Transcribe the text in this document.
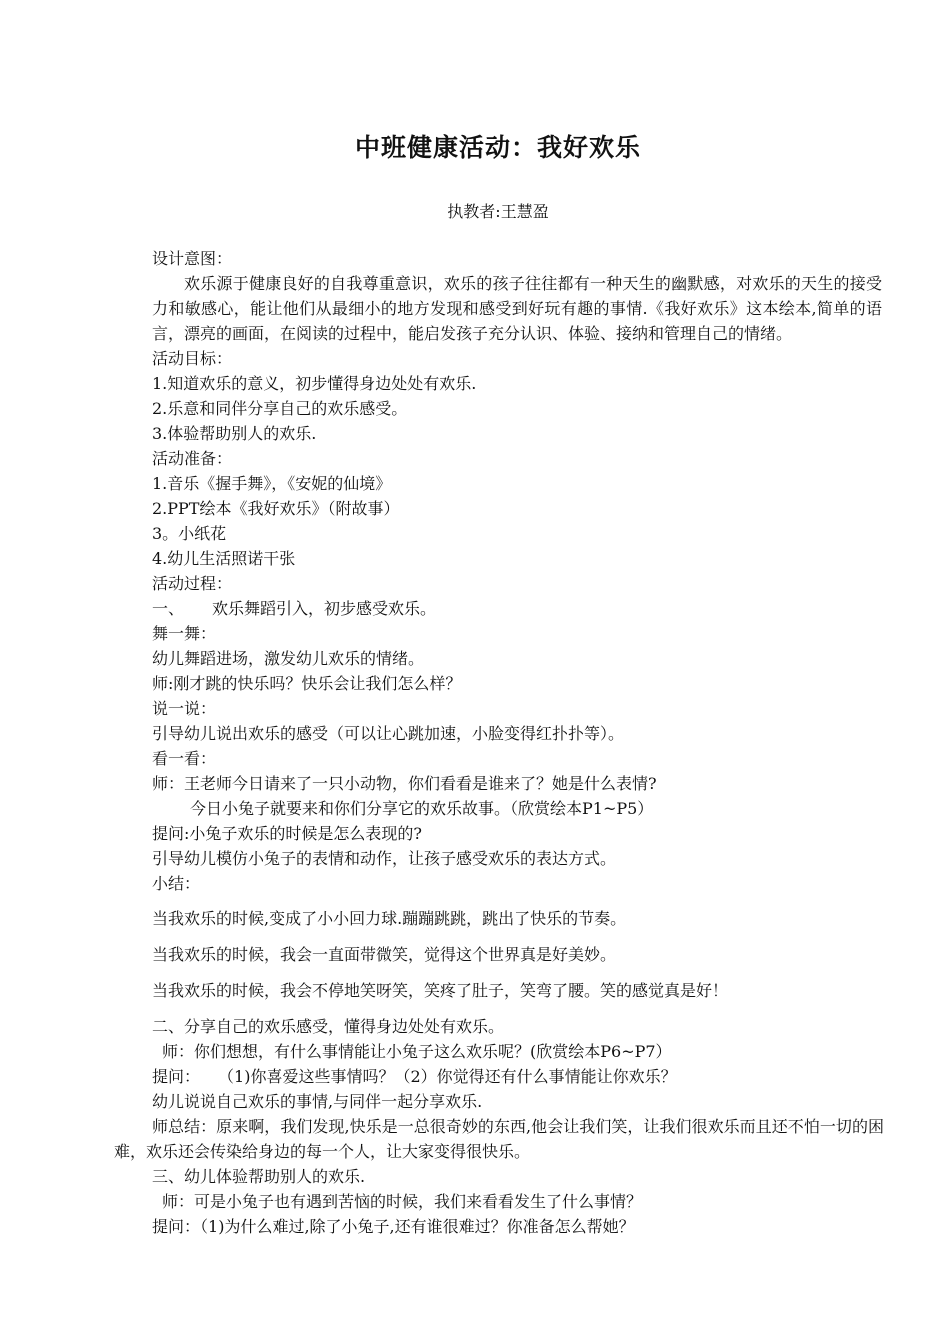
中班健康活动：我好欢乐
执教者:王慧盈

设计意图：

欢乐源于健康良好的自我尊重意识，欢乐的孩子往往都有一种天生的幽默感，对欢乐的天生的接受力和敏感心，能让他们从最细小的地方发现和感受到好玩有趣的事情.《我好欢乐》这本绘本,简单的语言，漂亮的画面，在阅读的过程中，能启发孩子充分认识、体验、接纳和管理自己的情绪。

活动目标：

1.知道欢乐的意义，初步懂得身边处处有欢乐.

2.乐意和同伴分享自己的欢乐感受。

3.体验帮助别人的欢乐.

活动准备：

1.音乐《握手舞》，《安妮的仙境》

2.PPT绘本《我好欢乐》（附故事）

3。小纸花

4.幼儿生活照诺干张

活动过程：

一、 欢乐舞蹈引入，初步感受欢乐。

舞一舞：

幼儿舞蹈进场，激发幼儿欢乐的情绪。

师:刚才跳的快乐吗？快乐会让我们怎么样？

说一说：

引导幼儿说出欢乐的感受（可以让心跳加速，小脸变得红扑扑等）。

看一看：

师：王老师今日请来了一只小动物，你们看看是谁来了？她是什么表情?

今日小兔子就要来和你们分享它的欢乐故事。（欣赏绘本P1~P5）

提问:小兔子欢乐的时候是怎么表现的?

引导幼儿模仿小兔子的表情和动作，让孩子感受欢乐的表达方式。

小结：

当我欢乐的时候,变成了小小回力球.蹦蹦跳跳，跳出了快乐的节奏。

当我欢乐的时候，我会一直面带微笑，觉得这个世界真是好美妙。

当我欢乐的时候，我会不停地笑呀笑，笑疼了肚子，笑弯了腰。笑的感觉真是好！

二、分享自己的欢乐感受，懂得身边处处有欢乐。

师：你们想想，有什么事情能让小兔子这么欢乐呢？(欣赏绘本P6~P7）

提问： （1)你喜爱这些事情吗？（2）你觉得还有什么事情能让你欢乐？

幼儿说说自己欢乐的事情,与同伴一起分享欢乐.

师总结：原来啊，我们发现,快乐是一总很奇妙的东西,他会让我们笑，让我们很欢乐而且还不怕一切的困难，欢乐还会传染给身边的每一个人，让大家变得很快乐。

三、幼儿体验帮助别人的欢乐.

师：可是小兔子也有遇到苦恼的时候，我们来看看发生了什么事情？

提问：（1)为什么难过,除了小兔子,还有谁很难过？你准备怎么帮她？
